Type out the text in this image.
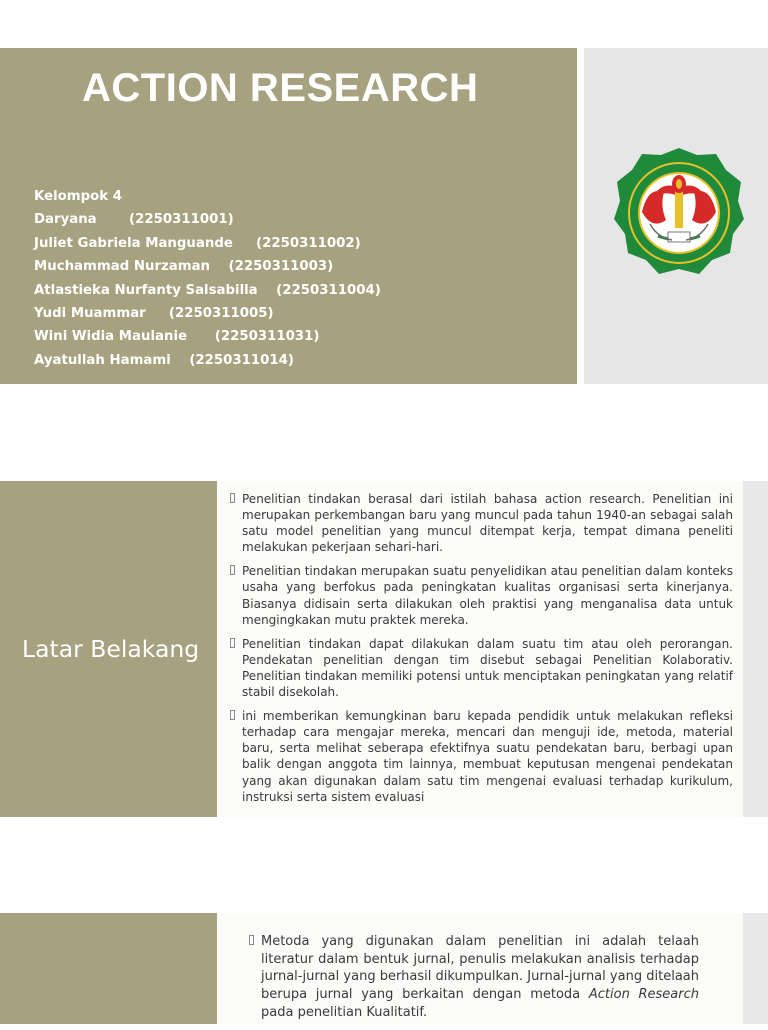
ACTION RESEARCH
Kelompok 4
Daryana       (2250311001)
Juliet Gabriela Manguande     (2250311002)
Muchammad Nurzaman    (2250311003)
Atlastieka Nurfanty Salsabilla    (2250311004)
Yudi Muammar     (2250311005)
Wini Widia Maulanie      (2250311031)
Ayatullah Hamami    (2250311014)
Latar Belakang
Penelitian tindakan berasal dari istilah bahasa action research. Penelitian ini merupakan perkembangan baru yang muncul pada tahun 1940-an sebagai salah satu model penelitian yang muncul ditempat kerja, tempat dimana peneliti melakukan pekerjaan sehari-hari.
Penelitian tindakan merupakan suatu penyelidikan atau penelitian dalam konteks usaha yang berfokus pada peningkatan kualitas organisasi serta kinerjanya. Biasanya didisain serta dilakukan oleh praktisi yang menganalisa data untuk mengingkakan mutu praktek mereka.
Penelitian tindakan dapat dilakukan dalam suatu tim atau oleh perorangan. Pendekatan penelitian dengan tim disebut sebagai Penelitian Kolaborativ. Penelitian tindakan memiliki potensi untuk menciptakan peningkatan yang relatif stabil disekolah.
ini memberikan kemungkinan baru kepada pendidik untuk melakukan refleksi terhadap cara mengajar mereka, mencari dan menguji ide, metoda, material baru, serta melihat seberapa efektifnya suatu pendekatan baru, berbagi upan balik dengan anggota tim lainnya, membuat keputusan mengenai pendekatan yang akan digunakan dalam satu tim mengenai evaluasi terhadap kurikulum, instruksi serta sistem evaluasi
Metoda yang digunakan dalam penelitian ini adalah telaah literatur dalam bentuk jurnal, penulis melakukan analisis terhadap jurnal-jurnal yang berhasil dikumpulkan. Jurnal-jurnal yang ditelaah berupa jurnal yang berkaitan dengan metoda Action Research pada penelitian Kualitatif.
